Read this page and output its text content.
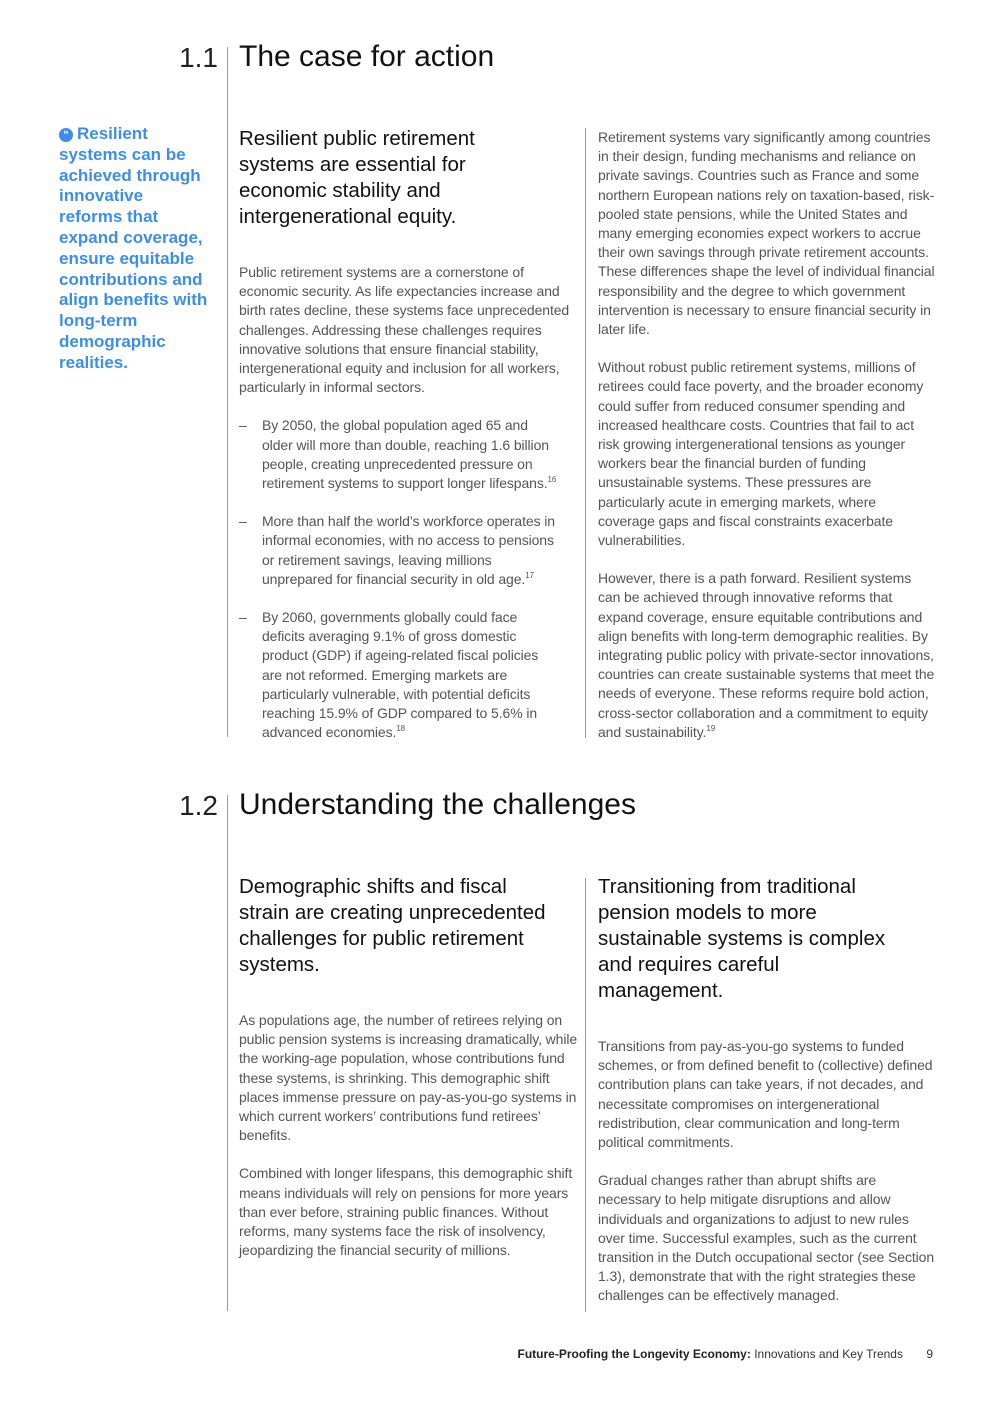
1.1 The case for action
“ Resilient systems can be achieved through innovative reforms that expand coverage, ensure equitable contributions and align benefits with long-term demographic realities.
Resilient public retirement systems are essential for economic stability and intergenerational equity.

Public retirement systems are a cornerstone of economic security. As life expectancies increase and birth rates decline, these systems face unprecedented challenges. Addressing these challenges requires innovative solutions that ensure financial stability, intergenerational equity and inclusion for all workers, particularly in informal sectors.

– By 2050, the global population aged 65 and older will more than double, reaching 1.6 billion people, creating unprecedented pressure on retirement systems to support longer lifespans.$^{16}$
– More than half the world’s workforce operates in informal economies, with no access to pensions or retirement savings, leaving millions unprepared for financial security in old age.$^{17}$
– By 2060, governments globally could face deficits averaging 9.1% of gross domestic product (GDP) if ageing-related fiscal policies are not reformed. Emerging markets are particularly vulnerable, with potential deficits reaching 15.9% of GDP compared to 5.6% in advanced economies.$^{18}$

Retirement systems vary significantly among countries in their design, funding mechanisms and reliance on private savings. Countries such as France and some northern European nations rely on taxation-based, risk-pooled state pensions, while the United States and many emerging economies expect workers to accrue their own savings through private retirement accounts. These differences shape the level of individual financial responsibility and the degree to which government intervention is necessary to ensure financial security in later life.

Without robust public retirement systems, millions of retirees could face poverty, and the broader economy could suffer from reduced consumer spending and increased healthcare costs. Countries that fail to act risk growing intergenerational tensions as younger workers bear the financial burden of funding unsustainable systems. These pressures are particularly acute in emerging markets, where coverage gaps and fiscal constraints exacerbate vulnerabilities.

However, there is a path forward. Resilient systems can be achieved through innovative reforms that expand coverage, ensure equitable contributions and align benefits with long-term demographic realities. By integrating public policy with private-sector innovations, countries can create sustainable systems that meet the needs of everyone. These reforms require bold action, cross-sector collaboration and a commitment to equity and sustainability.$^{19}$

1.2 Understanding the challenges
Demographic shifts and fiscal strain are creating unprecedented challenges for public retirement systems.

As populations age, the number of retirees relying on public pension systems is increasing dramatically, while the working-age population, whose contributions fund these systems, is shrinking. This demographic shift places immense pressure on pay-as-you-go systems in which current workers’ contributions fund retirees’ benefits.

Combined with longer lifespans, this demographic shift means individuals will rely on pensions for more years than ever before, straining public finances. Without reforms, many systems face the risk of insolvency, jeopardizing the financial security of millions.

Transitioning from traditional pension models to more sustainable systems is complex and requires careful management.

Transitions from pay-as-you-go systems to funded schemes, or from defined benefit to (collective) defined contribution plans can take years, if not decades, and necessitate compromises on intergenerational redistribution, clear communication and long-term political commitments.

Gradual changes rather than abrupt shifts are necessary to help mitigate disruptions and allow individuals and organizations to adjust to new rules over time. Successful examples, such as the current transition in the Dutch occupational sector (see Section 1.3), demonstrate that with the right strategies these challenges can be effectively managed.

Future-Proofing the Longevity Economy: Innovations and Key Trends 9
